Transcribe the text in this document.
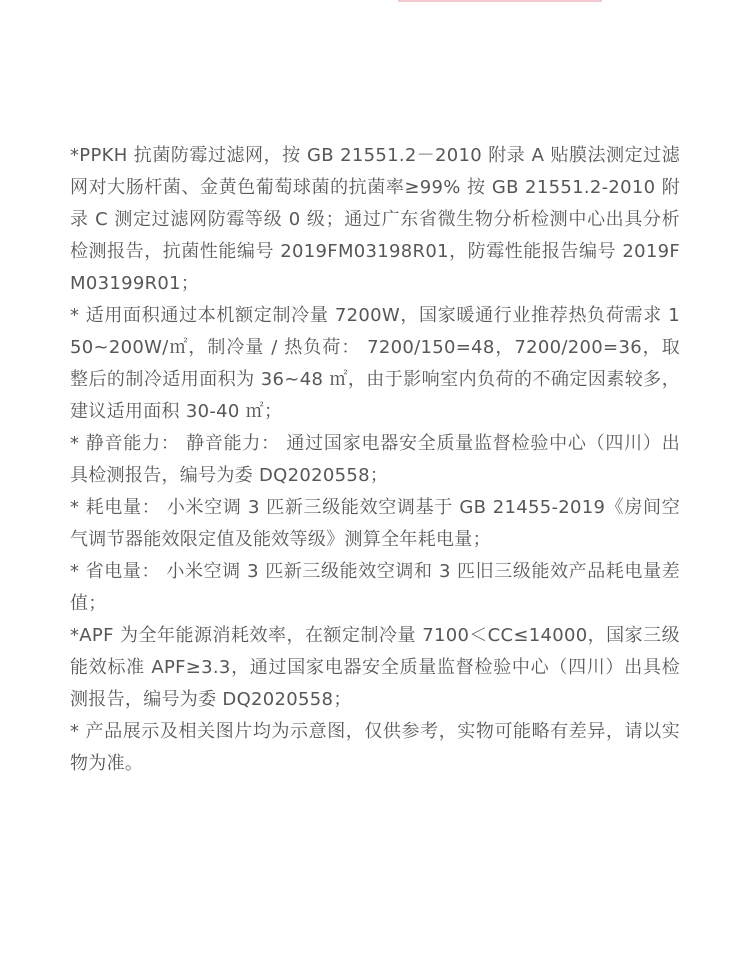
*PPKH 抗菌防霉过滤网，按 GB 21551.2－2010 附录 A 贴膜法测定过滤网对大肠杆菌、金黄色葡萄球菌的抗菌率≥99% 按 GB 21551.2-2010 附录 C 测定过滤网防霉等级 0 级；通过广东省微生物分析检测中心出具分析检测报告，抗菌性能编号 2019FM03198R01，防霉性能报告编号 2019FM03199R01；
* 适用面积通过本机额定制冷量 7200W，国家暖通行业推荐热负荷需求 150~200W/㎡，制冷量 / 热负荷： 7200/150=48，7200/200=36，取整后的制冷适用面积为 36~48 ㎡，由于影响室内负荷的不确定因素较多，建议适用面积 30-40 ㎡；
* 静音能力： 静音能力： 通过国家电器安全质量监督检验中心（四川）出具检测报告，编号为委 DQ2020558；
* 耗电量： 小米空调 3 匹新三级能效空调基于 GB 21455-2019《房间空气调节器能效限定值及能效等级》测算全年耗电量；
* 省电量： 小米空调 3 匹新三级能效空调和 3 匹旧三级能效产品耗电量差值；
*APF 为全年能源消耗效率，在额定制冷量 7100＜CC≤14000，国家三级能效标准 APF≥3.3，通过国家电器安全质量监督检验中心（四川）出具检测报告，编号为委 DQ2020558；
* 产品展示及相关图片均为示意图，仅供参考，实物可能略有差异，请以实物为准。
